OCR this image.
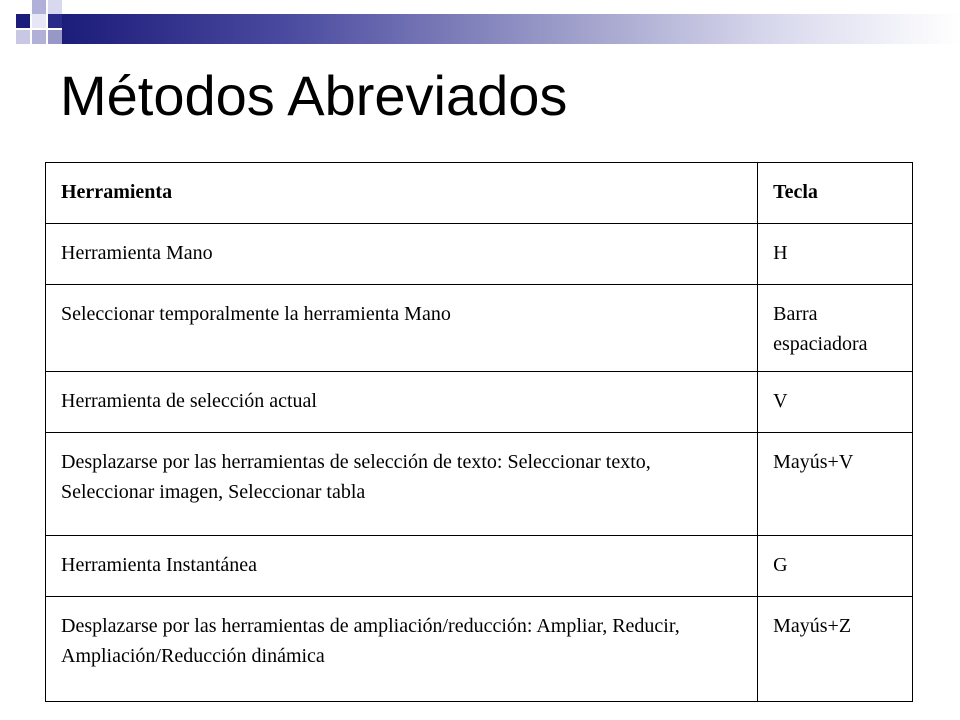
Métodos Abreviados
Herramienta	Tecla
Herramienta Mano	H
Seleccionar temporalmente la herramienta Mano	Barra espaciadora
Herramienta de selección actual	V
Desplazarse por las herramientas de selección de texto: Seleccionar texto, Seleccionar imagen, Seleccionar tabla	Mayús+V
Herramienta Instantánea	G
Desplazarse por las herramientas de ampliación/reducción: Ampliar, Reducir, Ampliación/Reducción dinámica	Mayús+Z
